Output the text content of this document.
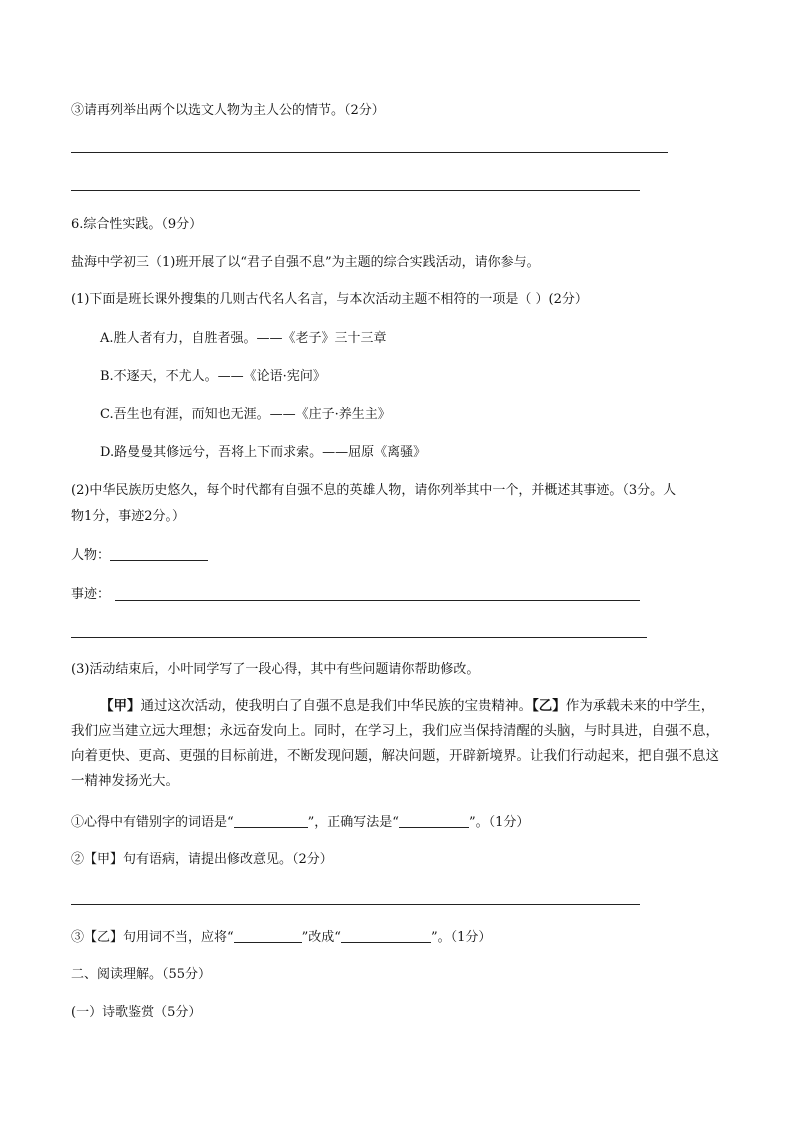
③请再列举出两个以选文人物为主人公的情节。（2分）
6.综合性实践。（9分）
盐海中学初三（1)班开展了以“君子自强不息”为主题的综合实践活动，请你参与。
(1)下面是班长课外搜集的几则古代名人名言，与本次活动主题不相符的一项是（ ）(2分）
A.胜人者有力，自胜者强。——《老子》三十三章
B.不逐天，不尤人。——《论语·宪问》
C.吾生也有涯，而知也无涯。——《庄子·养生主》
D.路曼曼其修远兮，吾将上下而求索。——屈原《离骚》
(2)中华民族历史悠久，每个时代都有自强不息的英雄人物，请你列举其中一个，并概述其事迹。（3分。人
物1分，事迹2分。）
人物：
事迹：
(3)活动结束后，小叶同学写了一段心得，其中有些问题请你帮助修改。
【甲】通过这次活动，使我明白了自强不息是我们中华民族的宝贵精神。【乙】作为承载未来的中学生，我们应当建立远大理想；永远奋发向上。同时，在学习上，我们应当保持清醒的头脑，与时具进，自强不息，向着更快、更高、更强的目标前进，不断发现问题，解决问题，开辟新境界。让我们行动起来，把自强不息这一精神发扬光大。
①心得中有错别字的词语是“	”，正确写法是“	”。（1分）
②【甲】句有语病，请提出修改意见。（2分）
③【乙】句用词不当，应将“	”改成“	”。（1分）
二、阅读理解。（55分）
(一）诗歌鉴赏（5分）
